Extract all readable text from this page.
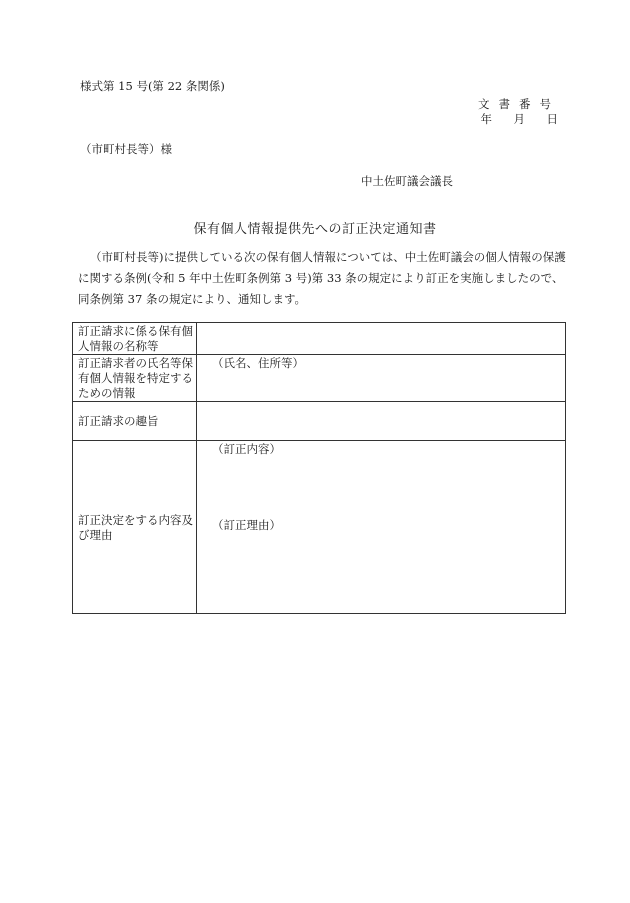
様式第 15 号(第 22 条関係)
文書番号
年 月 日
（市町村長等）様
中土佐町議会議長
保有個人情報提供先への訂正決定通知書
（市町村長等)に提供している次の保有個人情報については、中土佐町議会の個人情報の保護に関する条例(令和 5 年中土佐町条例第 3 号)第 33 条の規定により訂正を実施しましたので、同条例第 37 条の規定により、通知します。
訂正請求に係る保有個人情報の名称等	
訂正請求者の氏名等保有個人情報を特定するための情報	（氏名、住所等）

訂正請求の趣旨	
訂正決定をする内容及び理由	（訂正内容）
（訂正理由）
